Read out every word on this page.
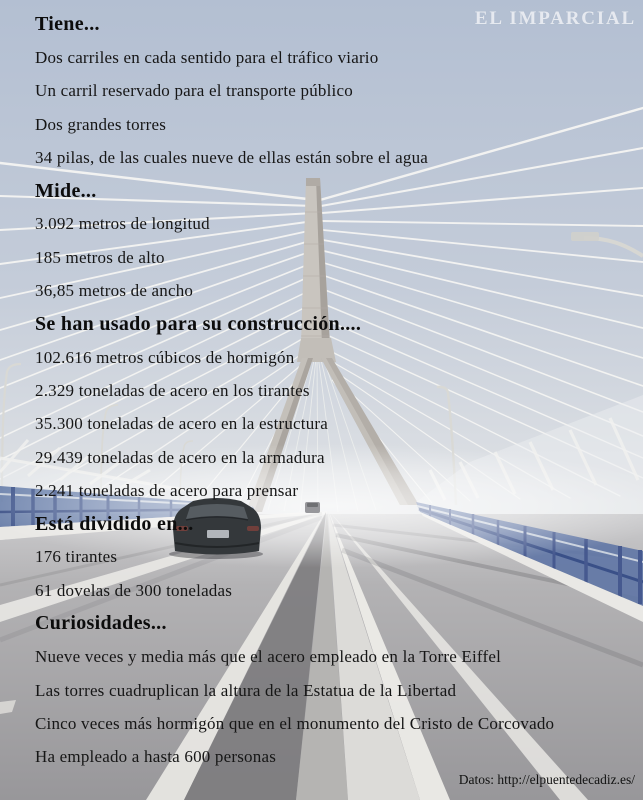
EL IMPARCIAL
Tiene...
Dos carriles en cada sentido para el tráfico viario
Un carril reservado para el transporte público
Dos grandes torres
34 pilas, de las cuales nueve de ellas están sobre el agua
Mide...
3.092 metros de longitud
185 metros de alto
36,85 metros de ancho
Se han usado para su construcción....
102.616 metros cúbicos de hormigón
2.329 toneladas de acero en los tirantes
35.300 toneladas de acero en la estructura
29.439 toneladas de acero en la armadura
2.241 toneladas de acero para prensar
Está dividido en...
176 tirantes
61 dovelas de 300 toneladas
Curiosidades...
Nueve veces y media más que el acero empleado en la Torre Eiffel
Las torres cuadruplican la altura de la Estatua de la Libertad
Cinco veces más hormigón que en el monumento del Cristo de Corcovado
Ha empleado a hasta 600 personas
Datos: http://elpuentedecadiz.es/
